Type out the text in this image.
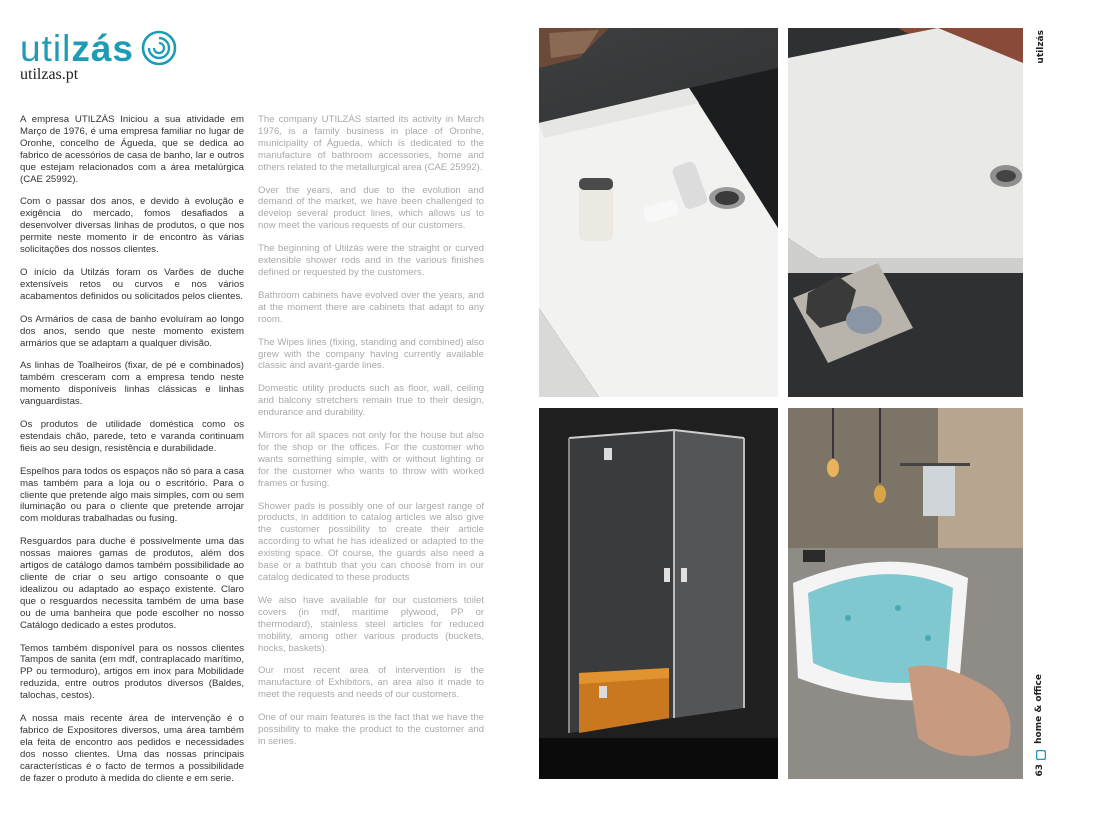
utilzás
utilzas.pt

A empresa UTILZÁS Iniciou a sua atividade em Março de 1976, é uma empresa familiar no lugar de Oronhe, concelho de Águeda, que se dedica ao fabrico de acessórios de casa de banho, lar e outros que estejam relacionados com a área metalúrgica (CAE 25992).

Com o passar dos anos, e devido à evolução e exigência do mercado, fomos desafiados a desenvolver diversas linhas de produtos, o que nos permite neste momento ir de encontro às várias solicitações dos nossos clientes.

O início da Utilzás foram os Varões de duche extensíveis retos ou curvos e nos vários acabamentos definidos ou solicitados pelos clientes.

Os Armários de casa de banho evoluíram ao longo dos anos, sendo que neste momento existem armários que se adaptam a qualquer divisão.

As linhas de Toalheiros (fixar, de pé e combinados) também cresceram com a empresa tendo neste momento disponíveis linhas clássicas e linhas vanguardistas.

Os produtos de utilidade doméstica como os estendais chão, parede, teto e varanda continuam fieis ao seu design, resistência e durabilidade.

Espelhos para todos os espaços não só para a casa mas também para a loja ou o escritório. Para o cliente que pretende algo mais simples, com ou sem iluminação ou para o cliente que pretende arrojar com molduras trabalhadas ou fusing.

Resguardos para duche é possivelmente uma das nossas maiores gamas de produtos, além dos artigos de catálogo damos também possibilidade ao cliente de criar o seu artigo consoante o que idealizou ou adaptado ao espaço existente. Claro que o resguardos necessita também de uma base ou de uma banheira que pode escolher no nosso Catálogo dedicado a estes produtos.

Temos também disponível para os nossos clientes Tampos de sanita (em mdf, contraplacado marítimo, PP ou termoduro), artigos em inox para Mobilidade reduzida, entre outros produtos diversos (Baldes, talochas, cestos).

A nossa mais recente área de intervenção é o fabrico de Expositores diversos, uma área também ela feita de encontro aos pedidos e necessidades dos nosso clientes. Uma das nossas principais características é o facto de termos a possibilidade de fazer o produto à medida do cliente e em serie.

The company UTILZÁS started its activity in March 1976, is a family business in place of Oronhe, municipality of Águeda, which is dedicated to the manufacture of bathroom accessories, home and others related to the metallurgical area (CAE 25992).

Over the years, and due to the evolution and demand of the market, we have been challenged to develop several product lines, which allows us to now meet the various requests of our customers.

The beginning of Utilzás were the straight or curved extensible shower rods and in the various finishes defined or requested by the customers.

Bathroom cabinets have evolved over the years, and at the moment there are cabinets that adapt to any room.

The Wipes lines (fixing, standing and combined) also grew with the company having currently available classic and avant-garde lines.

Domestic utility products such as floor, wall, ceiling and balcony stretchers remain true to their design, endurance and durability.

Mirrors for all spaces not only for the house but also for the shop or the offices. For the customer who wants something simple, with or without lighting or for the customer who wants to throw with worked frames or fusing.

Shower pads is possibly one of our largest range of products, in addition to catalog articles we also give the customer possibility to create their article according to what he has idealized or adapted to the existing space. Of course, the guards also need a base or a bathtub that you can choose from in our catalog dedicated to these products

We also have available for our customers toilet covers (in mdf, maritime plywood, PP or thermodard), stainless steel articles for reduced mobility, among other various products (buckets, hocks, baskets).

Our most recent area of intervention is the manufacture of Exhibitors, an area also it made to meet the requests and needs of our customers.

One of our main features is the fact that we have the possibility to make the product to the customer and in series.

utilzás
home & office
63
